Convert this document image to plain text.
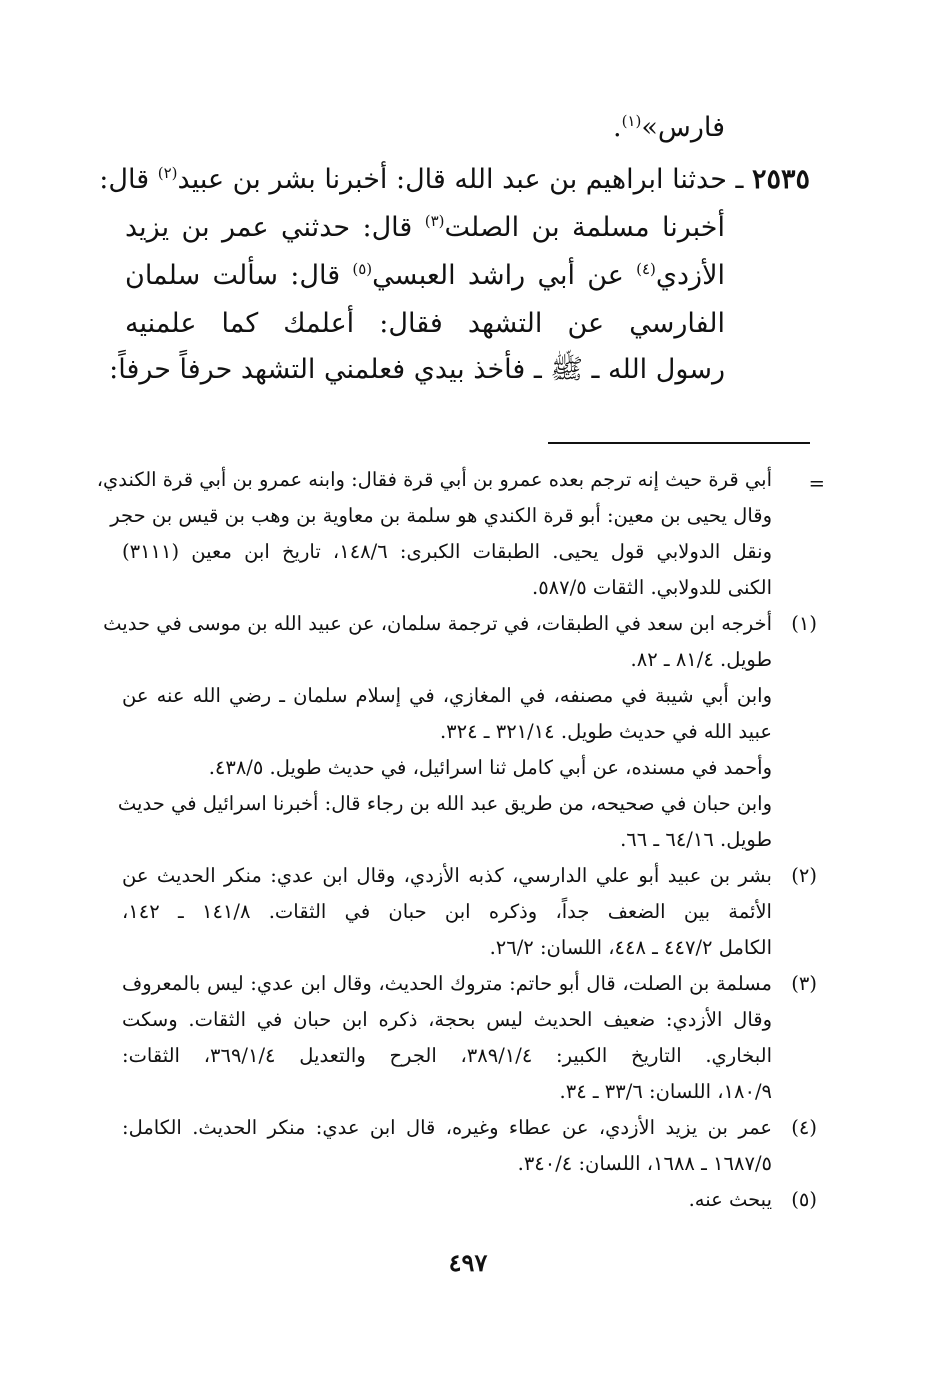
فارس»$^{(١)}$.
٢٥٣٥ ـ حدثنا ابراهيم بن عبد الله قال: أخبرنا بشر بن عبيد$^{(٢)}$ قال:
أخبرنا مسلمة بن الصلت$^{(٣)}$ قال: حدثني عمر بن يزيد
الأزدي$^{(٤)}$ عن أبي راشد العبسي$^{(٥)}$ قال: سألت سلمان
الفارسي عن التشهد فقال: أعلمك كما علمنيه
رسول الله ـ ﷺ ـ فأخذ بيدي فعلمني التشهد حرفاً حرفاً:
=
أبي قرة حيث إنه ترجم بعده عمرو بن أبي قرة فقال: وابنه عمرو بن أبي قرة الكندي،
وقال يحيى بن معين: أبو قرة الكندي هو سلمة بن معاوية بن وهب بن قيس بن حجر
ونقل الدولابي قول يحيى. الطبقات الكبرى: ١٤٨/٦، تاريخ ابن معين (٣١١١)
الكنى للدولابي. الثقات ٥٨٧/٥.
(١)
أخرجه ابن سعد في الطبقات، في ترجمة سلمان، عن عبيد الله بن موسى في حديث
طويل. ٨١/٤ ـ ٨٢.
وابن أبي شيبة في مصنفه، في المغازي، في إسلام سلمان ـ رضي الله عنه عن
عبيد الله في حديث طويل. ٣٢١/١٤ ـ ٣٢٤.
وأحمد في مسنده، عن أبي كامل ثنا اسرائيل، في حديث طويل. ٤٣٨/٥.
وابن حبان في صحيحه، من طريق عبد الله بن رجاء قال: أخبرنا اسرائيل في حديث
طويل. ٦٤/١٦ ـ ٦٦.
(٢)
بشر بن عبيد أبو علي الدارسي، كذبه الأزدي، وقال ابن عدي: منكر الحديث عن
الأئمة بين الضعف جداً، وذكره ابن حبان في الثقات. ١٤١/٨ ـ ١٤٢،
الكامل ٤٤٧/٢ ـ ٤٤٨، اللسان: ٢٦/٢.
(٣)
مسلمة بن الصلت، قال أبو حاتم: متروك الحديث، وقال ابن عدي: ليس بالمعروف
وقال الأزدي: ضعيف الحديث ليس بحجة، ذكره ابن حبان في الثقات. وسكت
البخاري. التاريخ الكبير: ٣٨٩/١/٤، الجرح والتعديل ٣٦٩/١/٤، الثقات:
١٨٠/٩، اللسان: ٣٣/٦ ـ ٣٤.
(٤)
عمر بن يزيد الأزدي، عن عطاء وغيره، قال ابن عدي: منكر الحديث. الكامل:
١٦٨٧/٥ ـ ١٦٨٨، اللسان: ٣٤٠/٤.
(٥)
يبحث عنه.
٤٩٧
